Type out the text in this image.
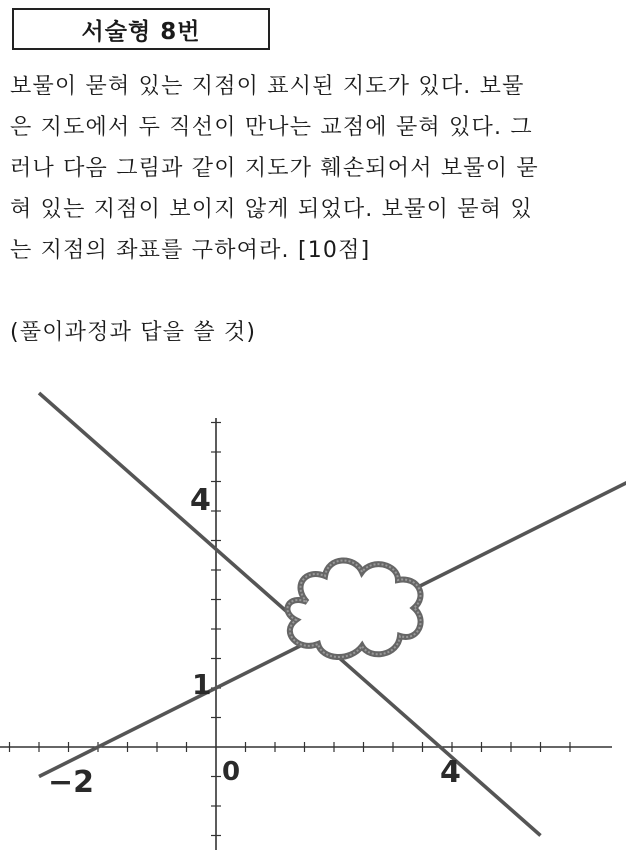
서술형 8번
보물이 묻혀 있는 지점이 표시된 지도가 있다. 보물
은 지도에서 두 직선이 만나는 교점에 묻혀 있다. 그
러나 다음 그림과 같이 지도가 훼손되어서 보물이 묻
혀 있는 지점이 보이지 않게 되었다. 보물이 묻혀 있
는 지점의 좌표를 구하여라. [10점]
(풀이과정과 답을 쓸 것)
0
−2	4
1
4
